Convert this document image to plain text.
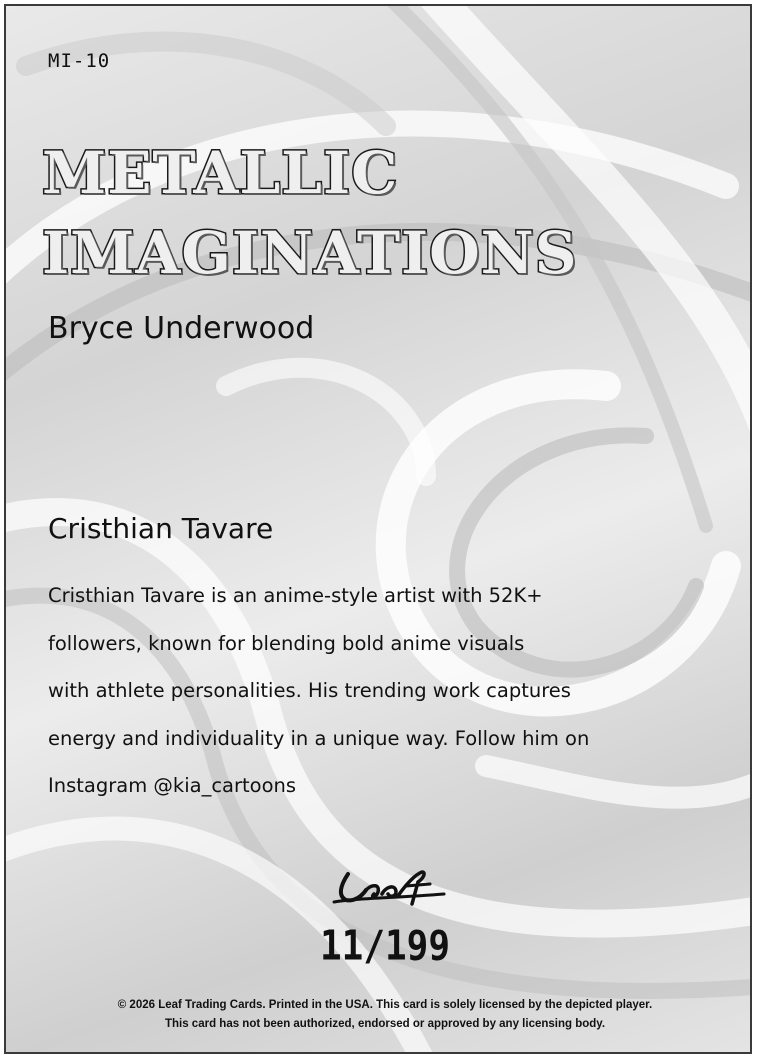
MI-10
METALLIC
IMAGINATIONS
Bryce Underwood
Cristhian Tavare
Cristhian Tavare is an anime-style artist with 52K+
followers, known for blending bold anime visuals
with athlete personalities. His trending work captures
energy and individuality in a unique way. Follow him on
Instagram @kia_cartoons
11/199
© 2026 Leaf Trading Cards. Printed in the USA. This card is solely licensed by the depicted player.
This card has not been authorized, endorsed or approved by any licensing body.
